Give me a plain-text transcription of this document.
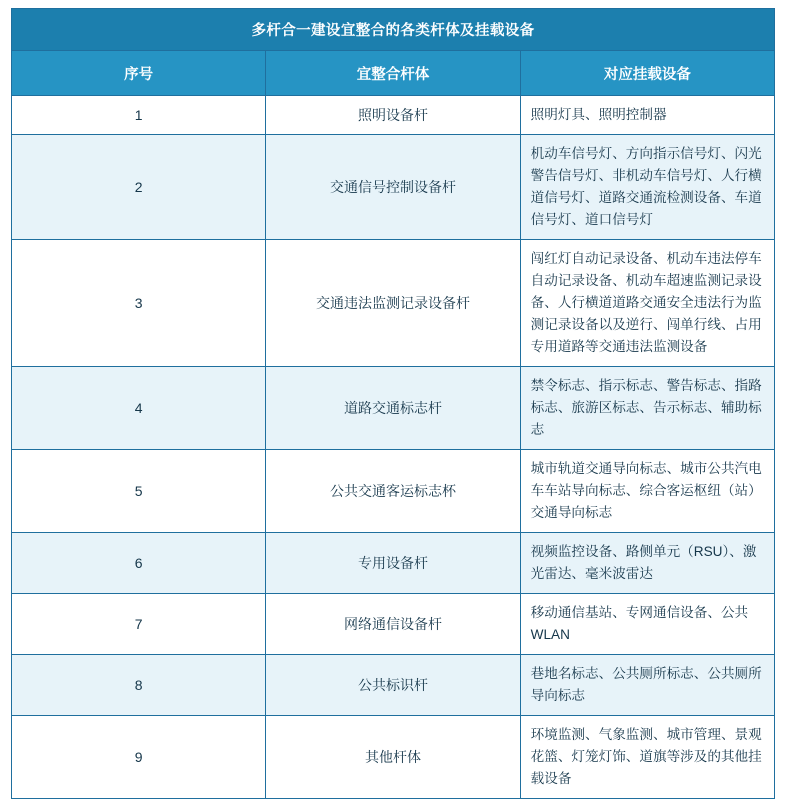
多杆合一建设宜整合的各类杆体及挂载设备		
序号	宜整合杆体	对应挂载设备
1	照明设备杆	照明灯具、照明控制器
2	交通信号控制设备杆	机动车信号灯、方向指示信号灯、闪光警告信号灯、非机动车信号灯、人行横道信号灯、道路交通流检测设备、车道信号灯、道口信号灯
3	交通违法监测记录设备杆	闯红灯自动记录设备、机动车违法停车自动记录设备、机动车超速监测记录设备、人行横道道路交通安全违法行为监测记录设备以及逆行、闯单行线、占用专用道路等交通违法监测设备
4	道路交通标志杆	禁令标志、指示标志、警告标志、指路标志、旅游区标志、告示标志、辅助标志
5	公共交通客运标志杯	城市轨道交通导向标志、城市公共汽电车车站导向标志、综合客运枢纽（站）交通导向标志
6	专用设备杆	视频监控设备、路侧单元（RSU）、激光雷达、毫米波雷达
7	网络通信设备杆	移动通信基站、专网通信设备、公共 WLAN
8	公共标识杆	巷地名标志、公共厕所标志、公共厕所导向标志
9	其他杆体	环境监测、气象监测、城市管理、景观花篮、灯笼灯饰、道旗等涉及的其他挂载设备
